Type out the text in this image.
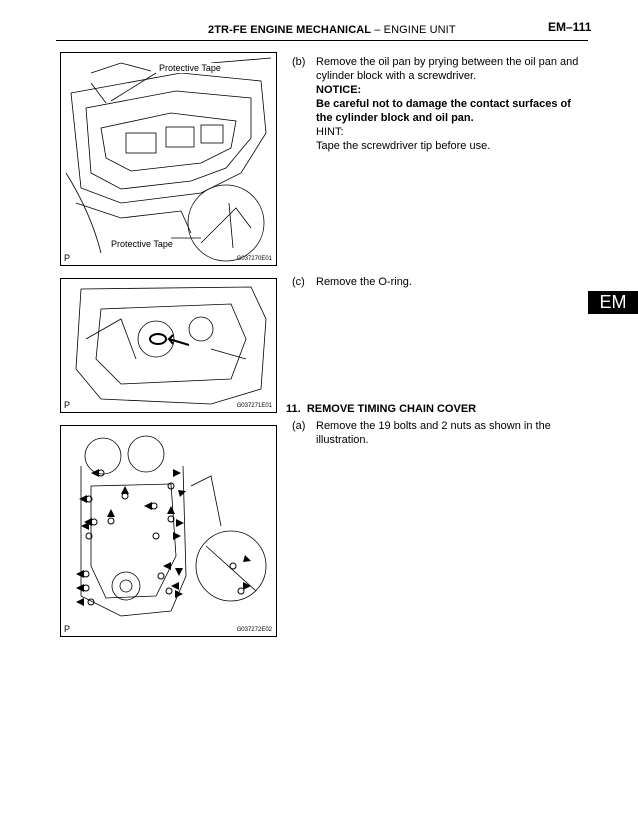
2TR-FE ENGINE MECHANICAL – ENGINE UNIT	EM–111
EM
Protective Tape
Protective Tape
P	G037270E01
P	G037271E01
P	G037272E02
(b) Remove the oil pan by prying between the oil pan and cylinder block with a screwdriver.
NOTICE:
Be careful not to damage the contact surfaces of the cylinder block and oil pan.
HINT:
Tape the screwdriver tip before use.
(c) Remove the O-ring.
11. REMOVE TIMING CHAIN COVER
(a) Remove the 19 bolts and 2 nuts as shown in the illustration.
